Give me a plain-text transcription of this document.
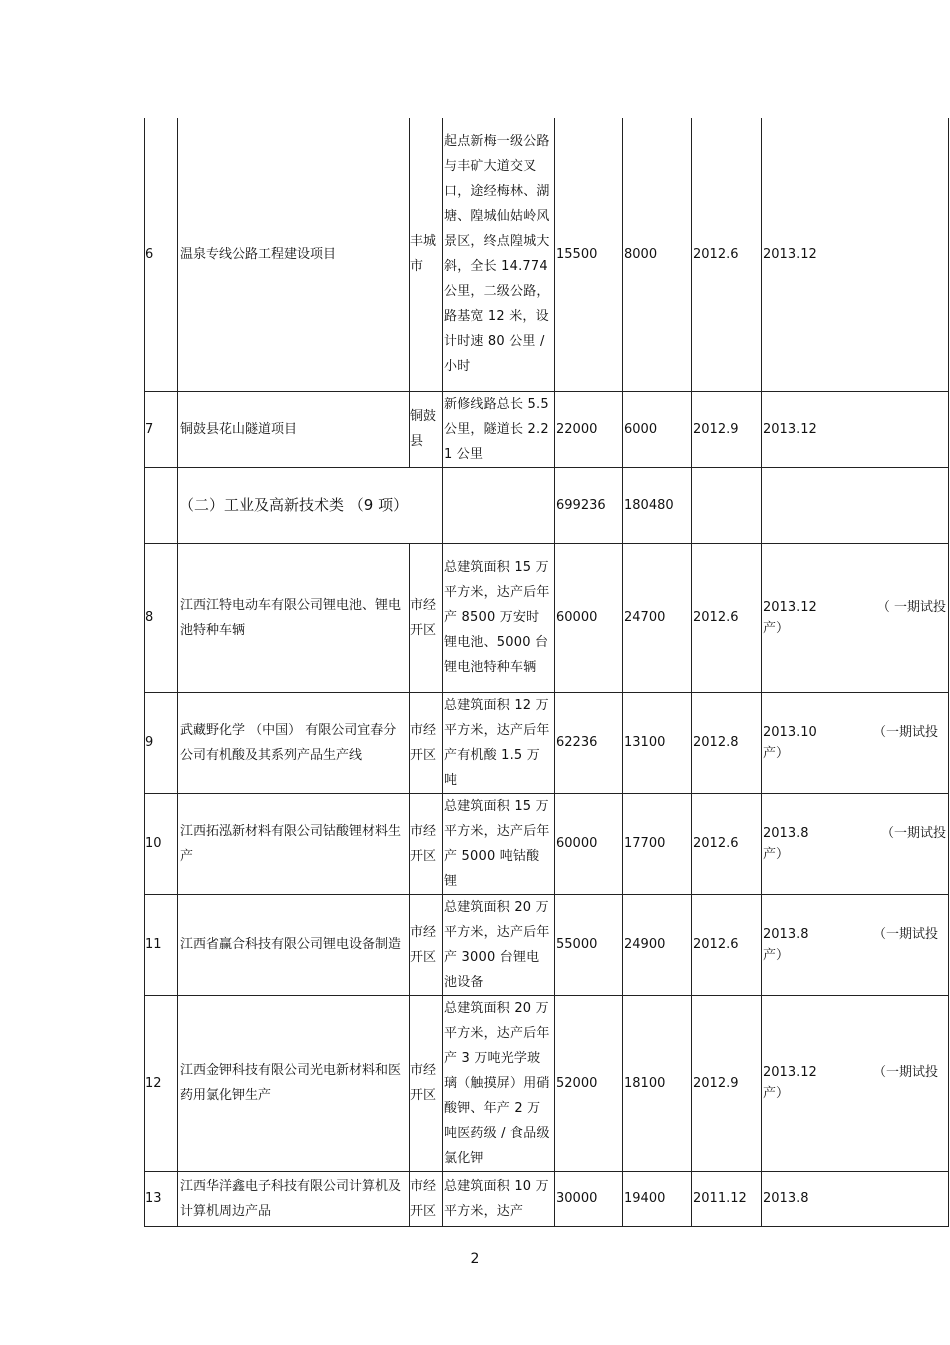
6	温泉专线公路工程建设项目	丰城市	起点新梅一级公路与丰矿大道交叉口，途经梅林、湖塘、隍城仙姑岭风景区，终点隍城大斜，全长 14.774 公里，二级公路，路基宽 12 米，设计时速 80 公里 / 小时	15500	8000	2012.6	2013.12

7	铜鼓县花山隧道项目	铜鼓县	新修线路总长 5.5 公里，隧道长 2.21 公里	22000	6000	2012.9	2013.12

	（二）工业及高新技术类 （9 项）			699236	180480		
8	江西江特电动车有限公司锂电池、锂电池特种车辆	市经开区	总建筑面积 15 万平方米，达产后年产 8500 万安时锂电池、5000 台锂电池特种车辆	60000	24700	2012.6	2013.12 （ 一期试投
产）

9	武藏野化学 （中国） 有限公司宜春分公司有机酸及其系列产品生产线	市经开区	总建筑面积 12 万平方米，达产后年产有机酸 1.5 万吨	62236	13100	2012.8	2013.10 （一期试投
产）

10	江西拓泓新材料有限公司钴酸锂材料生产	市经开区	总建筑面积 15 万平方米，达产后年产 5000 吨钴酸锂	60000	17700	2012.6	2013.8 （一期试投
产）

11	江西省赢合科技有限公司锂电设备制造	市经开区	总建筑面积 20 万平方米，达产后年产 3000 台锂电池设备	55000	24900	2012.6	2013.8 （一期试投
产）

12	江西金钾科技有限公司光电新材料和医药用氯化钾生产	市经开区	总建筑面积 20 万平方米，达产后年产 3 万吨光学玻璃（触摸屏）用硝酸钾、年产 2 万吨医药级 / 食品级氯化钾	52000	18100	2012.9	2013.12 （一期试投
产）

13	江西华洋鑫电子科技有限公司计算机及计算机周边产品	市经开区	总建筑面积 10 万平方米，达产	30000	19400	2011.12	2013.8
2
